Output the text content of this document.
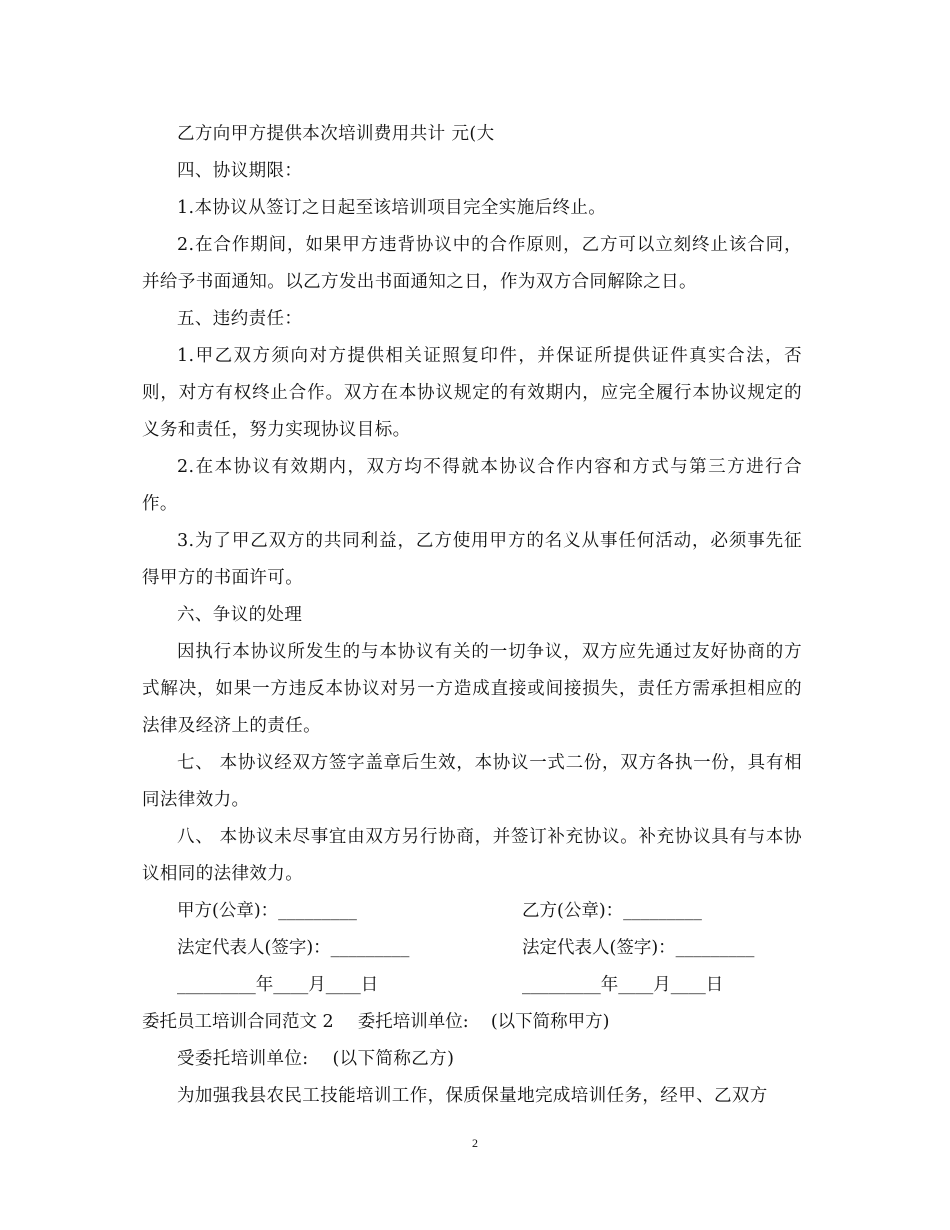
乙方向甲方提供本次培训费用共计 元(大

四、协议期限：

1.本协议从签订之日起至该培训项目完全实施后终止。

2.在合作期间，如果甲方违背协议中的合作原则，乙方可以立刻终止该合同，并给予书面通知。以乙方发出书面通知之日，作为双方合同解除之日。

五、违约责任：

1.甲乙双方须向对方提供相关证照复印件，并保证所提供证件真实合法，否则，对方有权终止合作。双方在本协议规定的有效期内，应完全履行本协议规定的义务和责任，努力实现协议目标。

2.在本协议有效期内，双方均不得就本协议合作内容和方式与第三方进行合作。

3.为了甲乙双方的共同利益，乙方使用甲方的名义从事任何活动，必须事先征得甲方的书面许可。

六、争议的处理

因执行本协议所发生的与本协议有关的一切争议，双方应先通过友好协商的方式解决，如果一方违反本协议对另一方造成直接或间接损失，责任方需承担相应的法律及经济上的责任。

七、 本协议经双方签字盖章后生效，本协议一式二份，双方各执一份，具有相同法律效力。

八、 本协议未尽事宜由双方另行协商，并签订补充协议。补充协议具有与本协议相同的法律效力。

甲方(公章)：_________	乙方(公章)：_________
法定代表人(签字)：_________	法定代表人(签字)：_________
_________年____月____日	_________年____月____日
委托员工培训合同范文 2 委托培训单位:    (以下简称甲方)

受委托培训单位:    (以下简称乙方)

为加强我县农民工技能培训工作，保质保量地完成培训任务，经甲、乙双方

2
